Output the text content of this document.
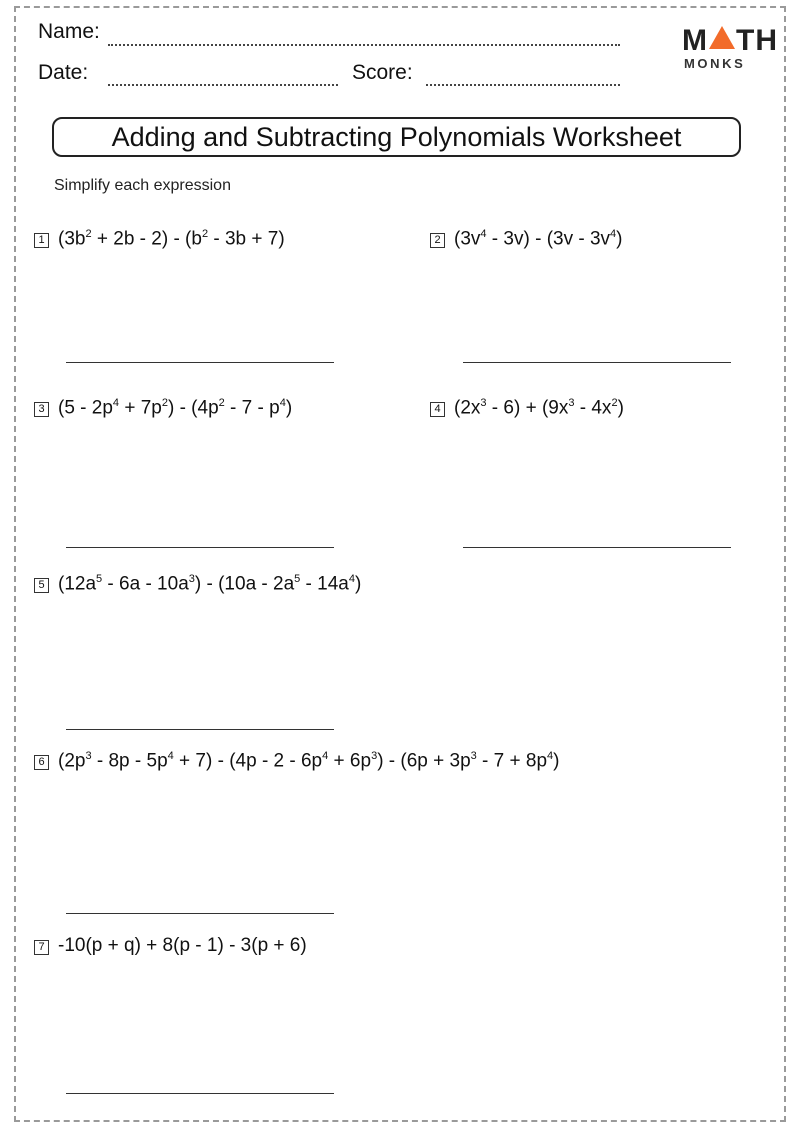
Name:
Date:	Score:
M TH
MONKS
Adding and Subtracting Polynomials Worksheet
Simplify each expression
1 $(3b^2 + 2b - 2) - (b^2 - 3b + 7)$	2 $(3v^4 - 3v) - (3v - 3v^4)$
3 $(5 - 2p^4 + 7p^2) - (4p^2 - 7 - p^4)$	4 $(2x^3 - 6) + (9x^3 - 4x^2)$
5 $(12a^5 - 6a - 10a^3) - (10a - 2a^5 - 14a^4)$
6 $(2p^3 - 8p - 5p^4 + 7) - (4p - 2 - 6p^4 + 6p^3) - (6p + 3p^3 - 7 + 8p^4)$
7 -10(p + q) + 8(p - 1) - 3(p + 6)
